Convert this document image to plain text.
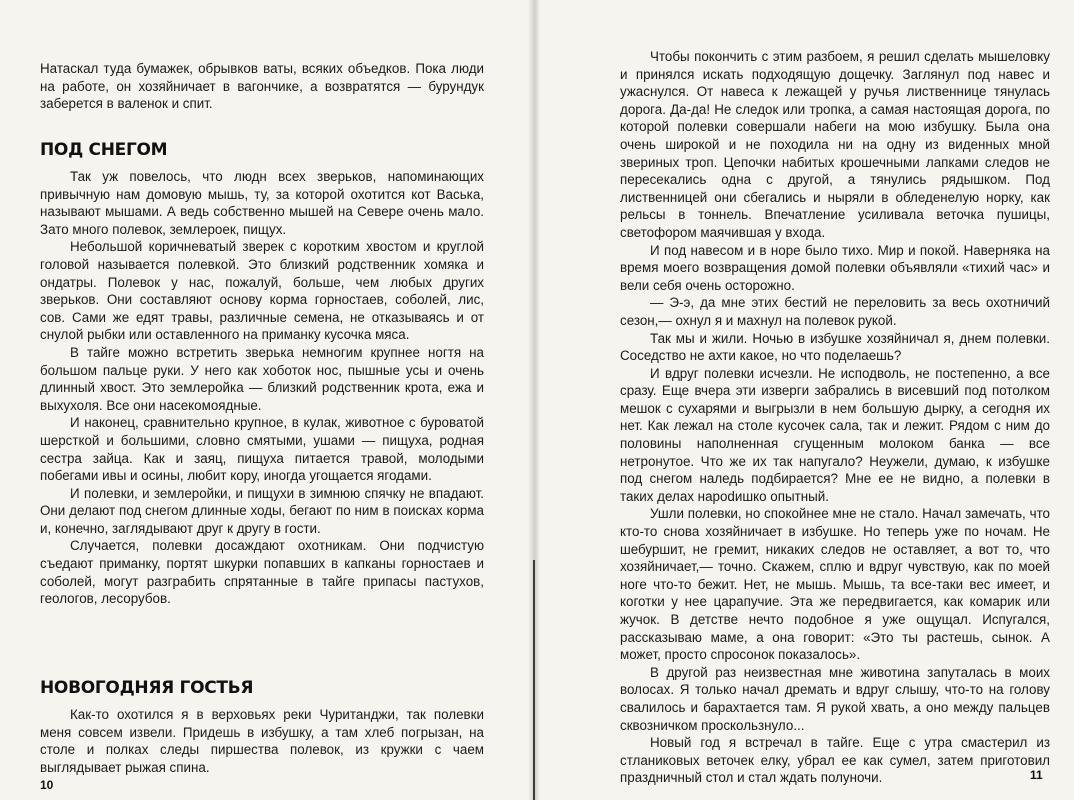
Натаскал туда бумажек, обрывков ваты, всяких объедков. Пока люди на работе, он хозяйничает в вагончике, а возвратятся — бурундук заберется в валенок и спит.

ПОД СНЕГОМ

Так уж повелось, что людн всех зверьков, напоминающих привычную нам домовую мышь, ту, за которой охотится кот Васька, называют мышами. А ведь собственно мышей на Севере очень мало. Зато много полевок, землероек, пищух.

Небольшой коричневатый зверек с коротким хвостом и круглой головой называется полевкой. Это близкий родственник хомяка и ондатры. Полевок у нас, пожалуй, больше, чем любых других зверьков. Они составляют основу корма горностаев, соболей, лис, сов. Сами же едят травы, различные семена, не отказываясь и от снулой рыбки или оставленного на приманку кусочка мяса.

В тайге можно встретить зверька немногим крупнее ногтя на большом пальце руки. У него как хоботок нос, пышные усы и очень длинный хвост. Это землеройка — близкий родственник крота, ежа и выхухоля. Все они насекомоядные.

И наконец, сравнительно крупное, в кулак, животное с буроватой шерсткой и большими, словно смятыми, ушами — пищуха, родная сестра зайца. Как и заяц, пищуха питается травой, молодыми побегами ивы и осины, любит кору, иногда угощается ягодами.

И полевки, и землеройки, и пищухи в зимнюю спячку не впадают. Они делают под снегом длинные ходы, бегают по ним в поисках корма и, конечно, заглядывают друг к другу в гости.

Случается, полевки досаждают охотникам. Они подчистую съедают приманку, портят шкурки попавших в капканы горностаев и соболей, могут разграбить спрятанные в тайге припасы пастухов, геологов, лесорубов.

НОВОГОДНЯЯ ГОСТЬЯ

Как-то охотился я в верховьях реки Чуританджи, так полевки меня совсем извели. Придешь в избушку, а там хлеб погрызан, на столе и полках следы пиршества полевок, из кружки с чаем выглядывает рыжая спина.

10

Чтобы покончить с этим разбоем, я решил сделать мышеловку и принялся искать подходящую дощечку. Заглянул под навес и ужаснулся. От навеса к лежащей у ручья лиственнице тянулась дорога. Да-да! Не следок или тропка, а самая настоящая дорога, по которой полевки совершали набеги на мою избушку. Была она очень широкой и не походила ни на одну из виденных мной звериных троп. Цепочки набитых крошечными лапками следов не пересекались одна с другой, а тянулись рядышком. Под лиственницей они сбегались и ныряли в обледенелую норку, как рельсы в тоннель. Впечатление усиливала веточка пушицы, светофором маячившая у входа.

И под навесом и в норе было тихо. Мир и покой. Наверняка на время моего возвращения домой полевки объявляли «тихий час» и вели себя очень осторожно.

— Э-э, да мне этих бестий не переловить за весь охотничий сезон,— охнул я и махнул на полевок рукой.

Так мы и жили. Ночью в избушке хозяйничал я, днем полевки. Соседство не ахти какое, но что поделаешь?

И вдруг полевки исчезли. Не исподволь, не постепенно, а все сразу. Еще вчера эти изверги забрались в висевший под потолком мешок с сухарями и выгрызли в нем большую дырку, а сегодня их нет. Как лежал на столе кусочек сала, так и лежит. Рядом с ним до половины наполненная сгущенным молоком банка — все нетронутое. Что же их так напугало? Неужели, думаю, к избушке под снегом наледь подбирается? Мне ее не видно, а полевки в таких делах нарodишко опытный.

Ушли полевки, но спокойнее мне не стало. Начал замечать, что кто-то снова хозяйничает в избушке. Но теперь уже по ночам. Не шебуршит, не гремит, никаких следов не оставляет, а вот то, что хозяйничает,— точно. Скажем, сплю и вдруг чувствую, как по моей ноге что-то бежит. Нет, не мышь. Мышь, та все-таки вес имеет, и коготки у нее царапучие. Эта же передвигается, как комарик или жучок. В детстве нечто подобное я уже ощущал. Испугался, рассказываю маме, а она говорит: «Это ты растешь, сынок. А может, просто спросонок показалось».

В другой раз неизвестная мне животина запуталась в моих волосах. Я только начал дремать и вдруг слышу, что-то на голову свалилось и барахтается там. Я рукой хвать, а оно между пальцев сквозничком проскользнуло...

Новый год я встречал в тайге. Еще с утра смастерил из стланиковых веточек елку, убрал ее как сумел, затем приготовил праздничный стол и стал ждать полуночи.	11
